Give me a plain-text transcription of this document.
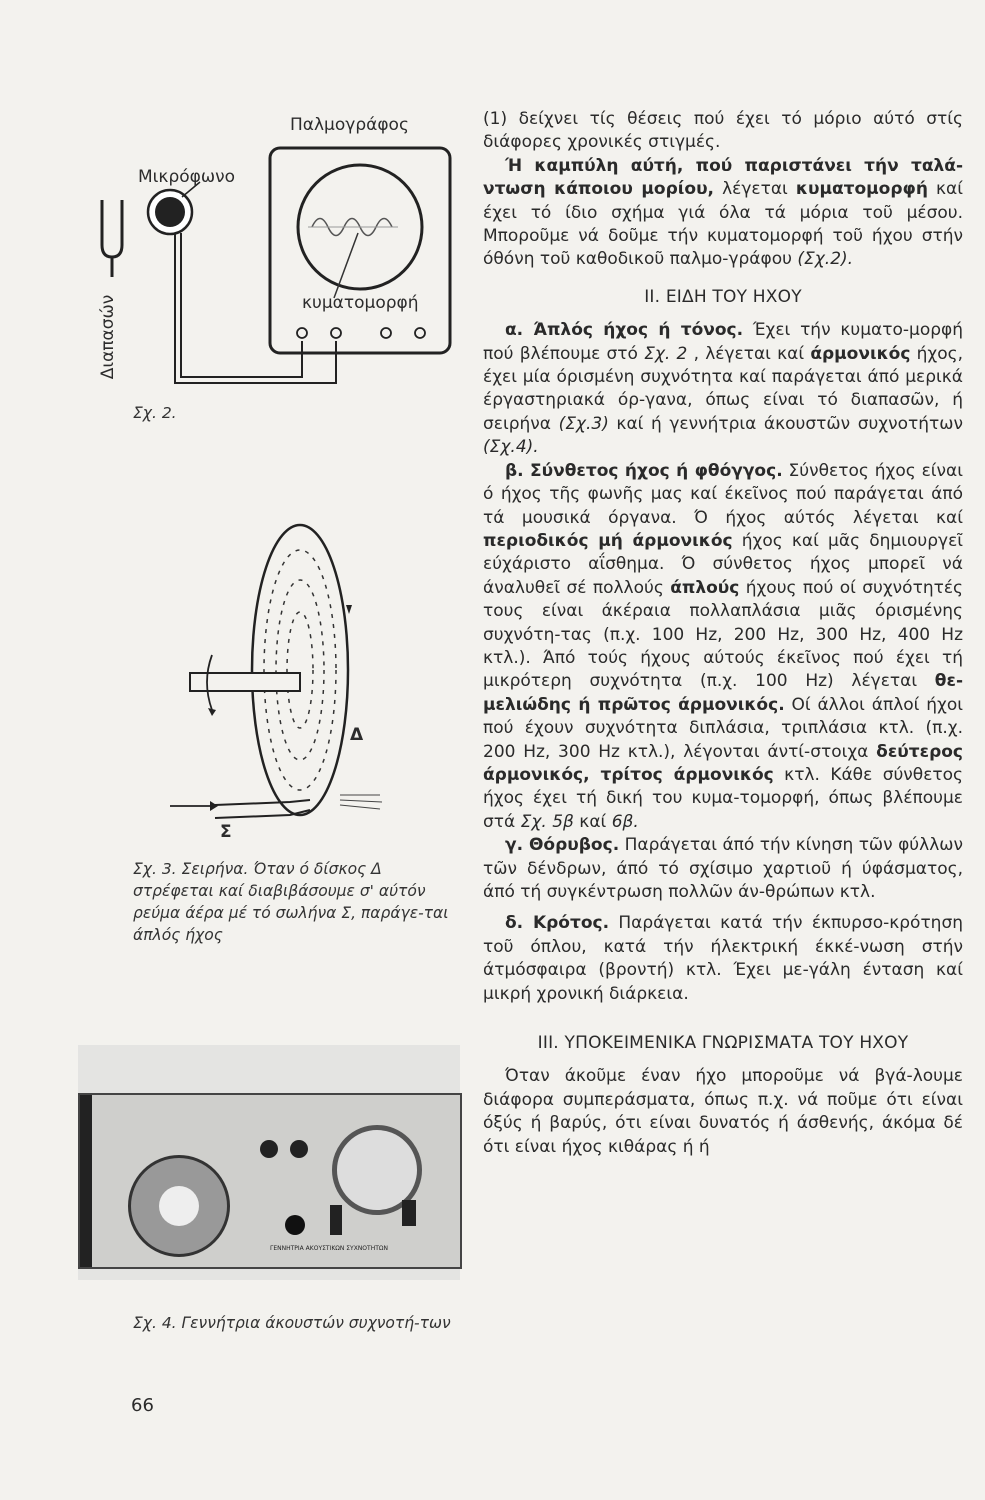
Παλμογράφος
Μικρόφωνο
κυματομορφή
Διαπασών
Σχ. 2.
Δ
Σ
Σχ. 3. Σειρήνα. Όταν ό δίσκος Δ στρέφεται καί διαβιβάσουμε σ' αύτόν ρεύμα άέρα μέ τό σωλήνα Σ, παράγε-ται άπλός ήχος
ΓΕΝΝΗΤΡΙΑ ΑΚΟΥΣΤΙΚΩΝ ΣΥΧΝΟΤΗΤΩΝ
Σχ. 4. Γεννήτρια άκουστών συχνοτή-των

(1) δείχνει τίς θέσεις πού έχει τό μόριο αύτό στίς διάφορες χρονικές στιγμές.

Ή καμπύλη αύτή, πού παριστάνει τήν ταλά-ντωση κάποιου μορίου, λέγεται κυματομορφή καί έχει τό ίδιο σχήμα γιά όλα τά μόρια τοῦ μέσου. Μποροῦμε νά δοῦμε τήν κυματομορφή τοῦ ήχου στήν όθόνη τοῦ καθοδικοῦ παλμο-γράφου (Σχ.2).

II. ΕΙΔΗ ΤΟΥ ΗΧΟΥ

α. Άπλός ήχος ή τόνος. Έχει τήν κυματο-μορφή πού βλέπουμε στό Σχ. 2 , λέγεται καί άρμονικός ήχος, έχει μία όρισμένη συχνότητα καί παράγεται άπό μερικά έργαστηριακά όρ-γανα, όπως είναι τό διαπασῶν, ή σειρήνα (Σχ.3) καί ή γεννήτρια άκουστῶν συχνοτήτων (Σχ.4).

β. Σύνθετος ήχος ή φθόγγος. Σύνθετος ήχος είναι ό ήχος τῆς φωνῆς μας καί έκεῖνος πού παράγεται άπό τά μουσικά όργανα. Ό ήχος αύτός λέγεται καί περιοδικός μή άρμονικός ήχος καί μᾶς δημιουργεῖ εύχάριστο αΐσθημα. Ό σύνθετος ήχος μπορεῖ νά άναλυθεῖ σέ πολλούς άπλούς ήχους πού οί συχνότητές τους είναι άκέραια πολλαπλάσια μιᾶς όρισμένης συχνότη-τας (π.χ. 100 Hz, 200 Hz, 300 Hz, 400 Hz κτλ.). Άπό τούς ήχους αύτούς έκεῖνος πού έχει τή μικρότερη συχνότητα (π.χ. 100 Hz) λέγεται θε-μελιώδης ή πρῶτος άρμονικός. Οί άλλοι άπλοί ήχοι πού έχουν συχνότητα διπλάσια, τριπλάσια κτλ. (π.χ. 200 Hz, 300 Hz κτλ.), λέγονται άντί-στοιχα δεύτερος άρμονικός, τρίτος άρμονικός κτλ. Κάθε σύνθετος ήχος έχει τή δική του κυμα-τομορφή, όπως βλέπουμε στά Σχ. 5β καί 6β.

γ. Θόρυβος. Παράγεται άπό τήν κίνηση τῶν φύλλων τῶν δένδρων, άπό τό σχίσιμο χαρτιοῦ ή ύφάσματος, άπό τή συγκέντρωση πολλῶν άν-θρώπων κτλ.

δ. Κρότος. Παράγεται κατά τήν έκπυρσο-κρότηση τοῦ όπλου, κατά τήν ήλεκτρική έκκέ-νωση στήν άτμόσφαιρα (βροντή) κτλ. Έχει με-γάλη ένταση καί μικρή χρονική διάρκεια.

III. ΥΠΟΚΕΙΜΕΝΙΚΑ ΓΝΩΡΙΣΜΑΤΑ ΤΟΥ ΗΧΟΥ

Όταν άκοῦμε έναν ήχο μποροῦμε νά βγά-λουμε διάφορα συμπεράσματα, όπως π.χ. νά ποῦμε ότι είναι όξύς ή βαρύς, ότι είναι δυνατός ή άσθενής, άκόμα δέ ότι είναι ήχος κιθάρας ή ή

66
